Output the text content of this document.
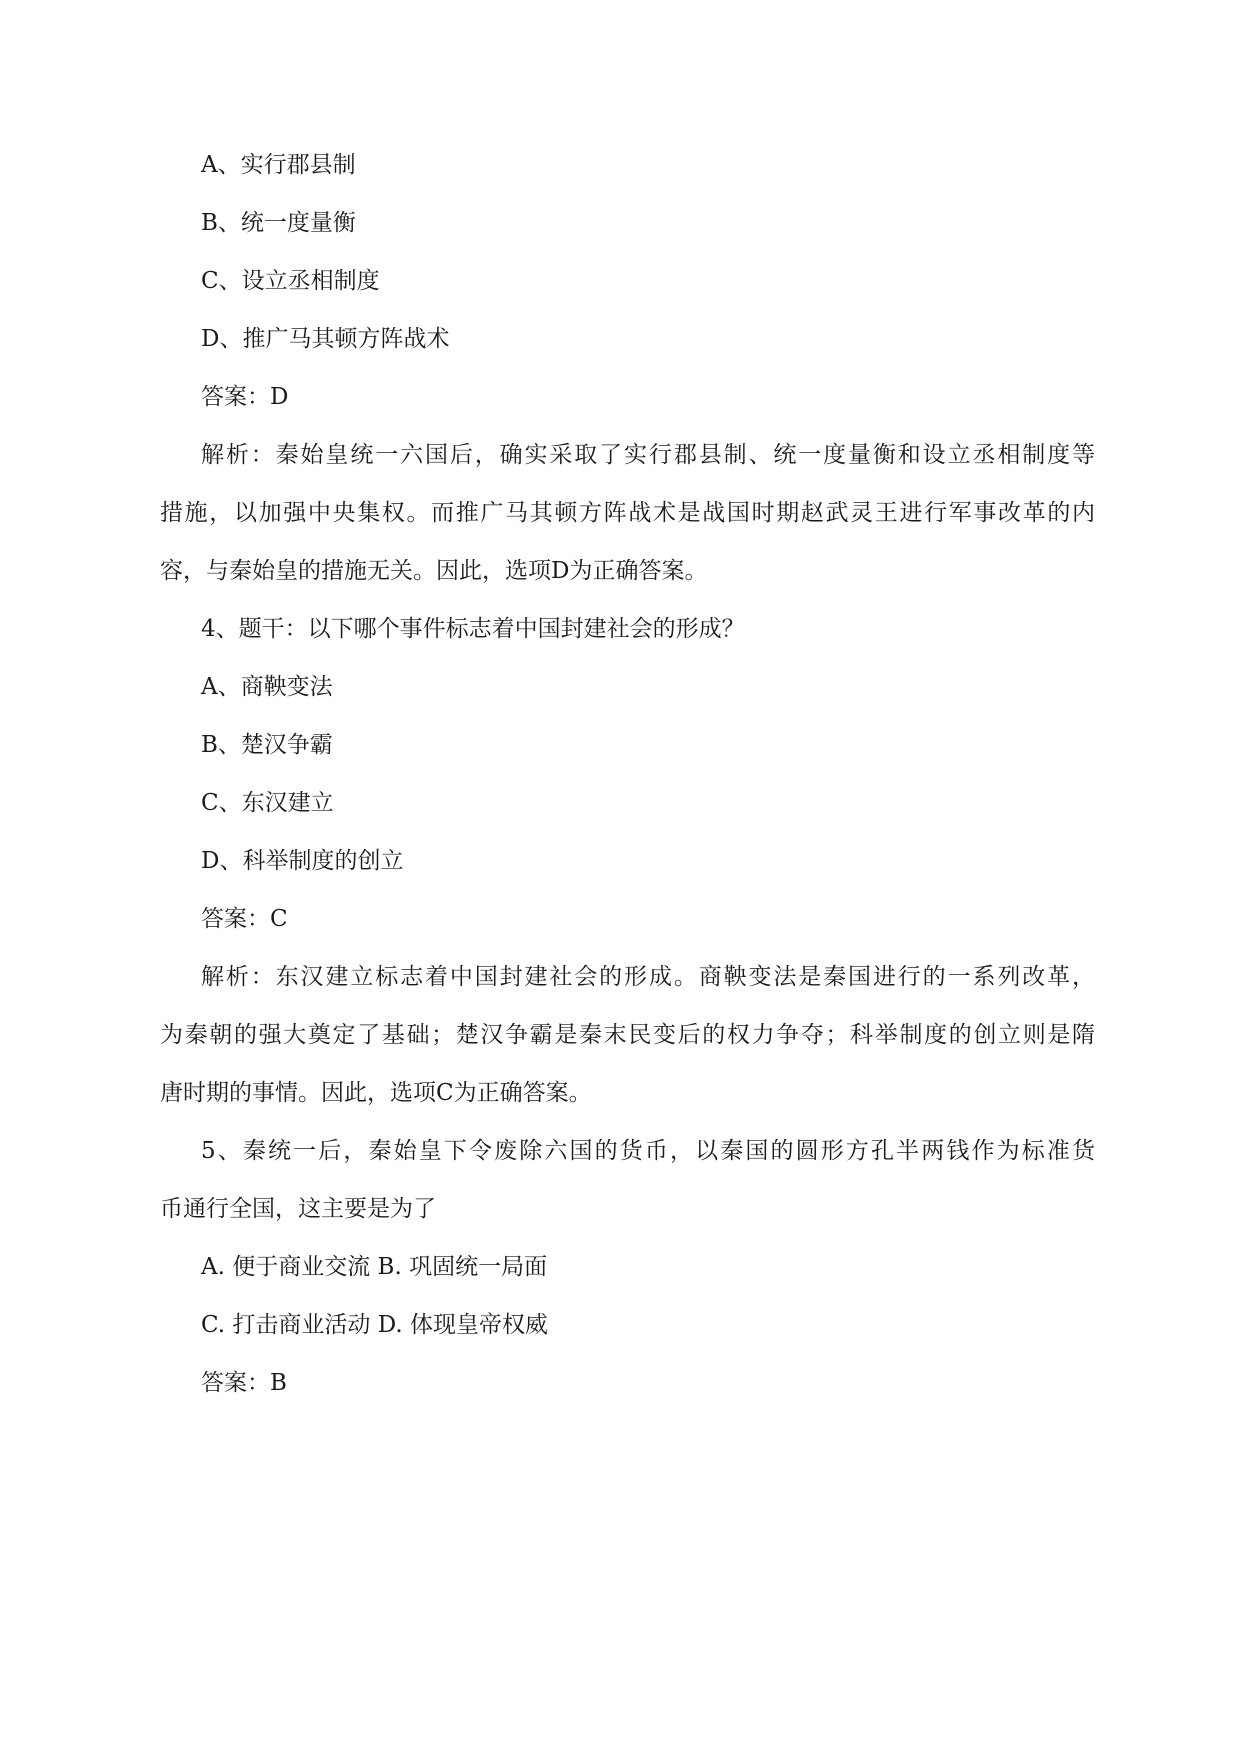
A、实行郡县制
B、统一度量衡
C、设立丞相制度
D、推广马其顿方阵战术
答案：D
解析：秦始皇统一六国后，确实采取了实行郡县制、统一度量衡和设立丞相制度等
措施，以加强中央集权。而推广马其顿方阵战术是战国时期赵武灵王进行军事改革的内
容，与秦始皇的措施无关。因此，选项D为正确答案。
4、题干：以下哪个事件标志着中国封建社会的形成？
A、商鞅变法
B、楚汉争霸
C、东汉建立
D、科举制度的创立
答案：C
解析：东汉建立标志着中国封建社会的形成。商鞅变法是秦国进行的一系列改革，
为秦朝的强大奠定了基础；楚汉争霸是秦末民变后的权力争夺；科举制度的创立则是隋
唐时期的事情。因此，选项C为正确答案。
5、秦统一后，秦始皇下令废除六国的货币，以秦国的圆形方孔半两钱作为标准货
币通行全国，这主要是为了
A. 便于商业交流 B. 巩固统一局面
C. 打击商业活动 D. 体现皇帝权威
答案：B
